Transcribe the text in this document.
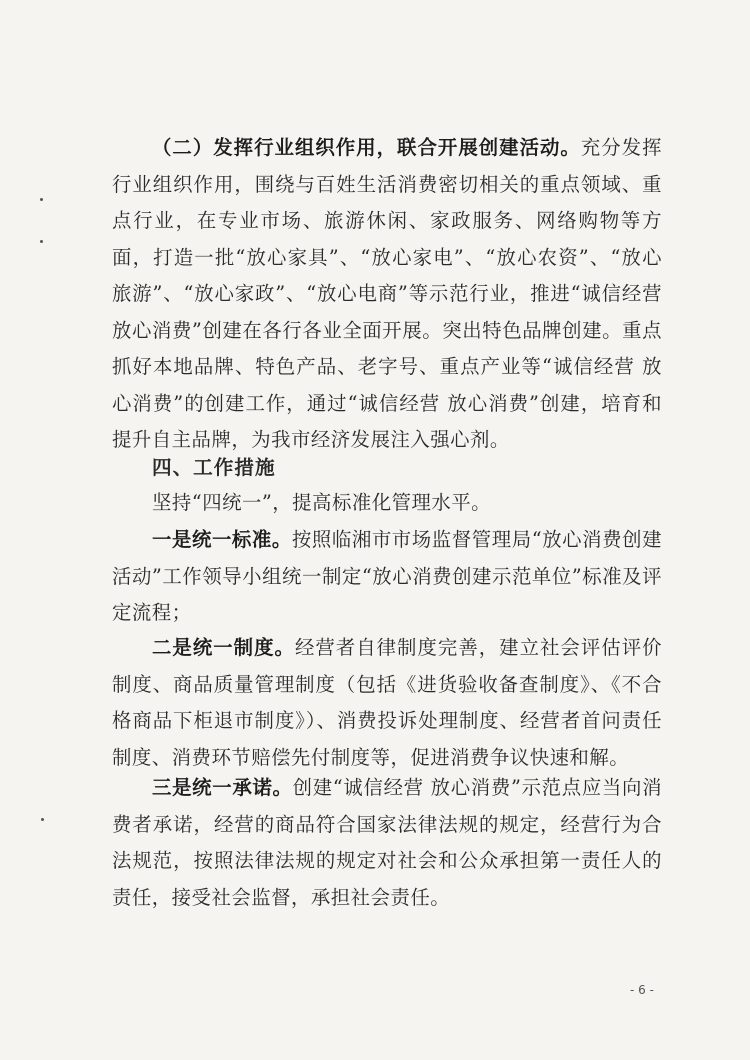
（二）发挥行业组织作用，联合开展创建活动。充分发挥行业组织作用，围绕与百姓生活消费密切相关的重点领域、重点行业，在专业市场、旅游休闲、家政服务、网络购物等方面，打造一批“放心家具”、“放心家电”、“放心农资”、“放心旅游”、“放心家政”、“放心电商”等示范行业，推进“诚信经营 放心消费”创建在各行各业全面开展。突出特色品牌创建。重点抓好本地品牌、特色产品、老字号、重点产业等“诚信经营 放心消费”的创建工作，通过“诚信经营 放心消费”创建，培育和提升自主品牌，为我市经济发展注入强心剂。

四、工作措施

坚持“四统一”，提高标准化管理水平。

一是统一标准。按照临湘市市场监督管理局“放心消费创建活动”工作领导小组统一制定“放心消费创建示范单位”标准及评定流程；

二是统一制度。经营者自律制度完善，建立社会评估评价制度、商品质量管理制度（包括《进货验收备查制度》、《不合格商品下柜退市制度》）、消费投诉处理制度、经营者首问责任制度、消费环节赔偿先付制度等，促进消费争议快速和解。

三是统一承诺。创建“诚信经营 放心消费”示范点应当向消费者承诺，经营的商品符合国家法律法规的规定，经营行为合法规范，按照法律法规的规定对社会和公众承担第一责任人的责任，接受社会监督，承担社会责任。

- 6 -
